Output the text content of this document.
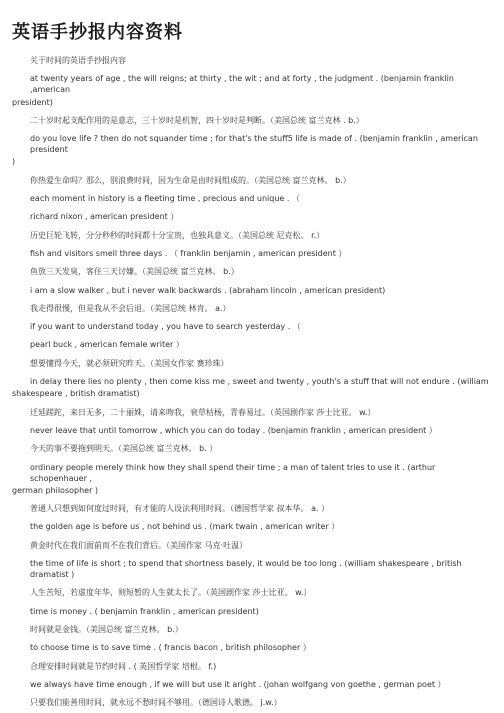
英语手抄报内容资料
关于时间的英语手抄报内容
at twenty years of age , the will reigns; at thirty , the wit ; and at forty , the judgment . (benjamin franklin ,american
president)
二十岁时起支配作用的是意志，三十岁时是机智，四十岁时是判断。（美国总统 富兰克林 . b.）
do you love life ? then do not squander time ; for that's the stuff5 life is made of . (benjamin franklin , american president
)
你热爱生命吗？那么，别浪费时间，因为生命是由时间组成的。（美国总统 富兰克林。 b.）
each moment in history is a fleeting time , precious and unique . （
richard nixon , american president ）
历史巨轮飞转，分分秒秒的时间都十分宝贵，也独具意义。（美国总统 尼克松。 r.）
fish and visitors smell three days . （ franklin benjamin , american president ）
鱼放三天发臭，客住三天讨嫌。（美国总统 富兰克林。 b.）
i am a slow walker , but i never walk backwards . (abraham lincoln , american president)
我走得很慢，但是我从不会后退。（美国总统 林肯。 a.）
if you want to understand today , you have to search yesterday . （
pearl buck , american female writer ）
想要懂得今天，就必须研究昨天。（美国女作家 赛珍珠）
in delay there lies no plenty , then come kiss me , sweet and twenty , youth's a stuff that will not endure . (william
shakespeare , british dramatist)
迁延蹉跎，来日无多，二十丽姝，请来吻我，衰草枯杨，青春易过。（英国剧作家 莎士比亚。 w.）
never leave that until tomorrow , which you can do today . (benjamin franklin , american president ）
今天的事不要拖到明天。（美国总统 富兰克林。 b. ）
ordinary people merely think how they shall spend their time ; a man of talent tries to use it . (arthur schopenhauer ,
german philosopher )
普通人只想到如何度过时间，有才能的人设法利用时间。（德国哲学家 叔本华。 a. ）
the golden age is before us , not behind us . (mark twain , american writer ）
黄金时代在我们面前而不在我们背后。（美国作家 马克·吐温）
the time of life is short ; to spend that shortness basely, it would be too long . (william shakespeare , british dramatist )
人生苦短，若虚度年华，则短暂的人生就太长了。（英国剧作家 莎士比亚。 w.）
time is money . ( benjamin franklin , american president)
时间就是金钱。（美国总统 富兰克林。 b.）
to choose time is to save time . ( francis bacon , british philosopher ）
合理安排时间就是节约时间 . ( 英国哲学家 培根。 f.)
we always have time enough , if we will but use it aright . (johan wolfgang von goethe , german poet ）
只要我们能善用时间，就永远不愁时间不够用。（德国诗人歌德。 j.w.）
